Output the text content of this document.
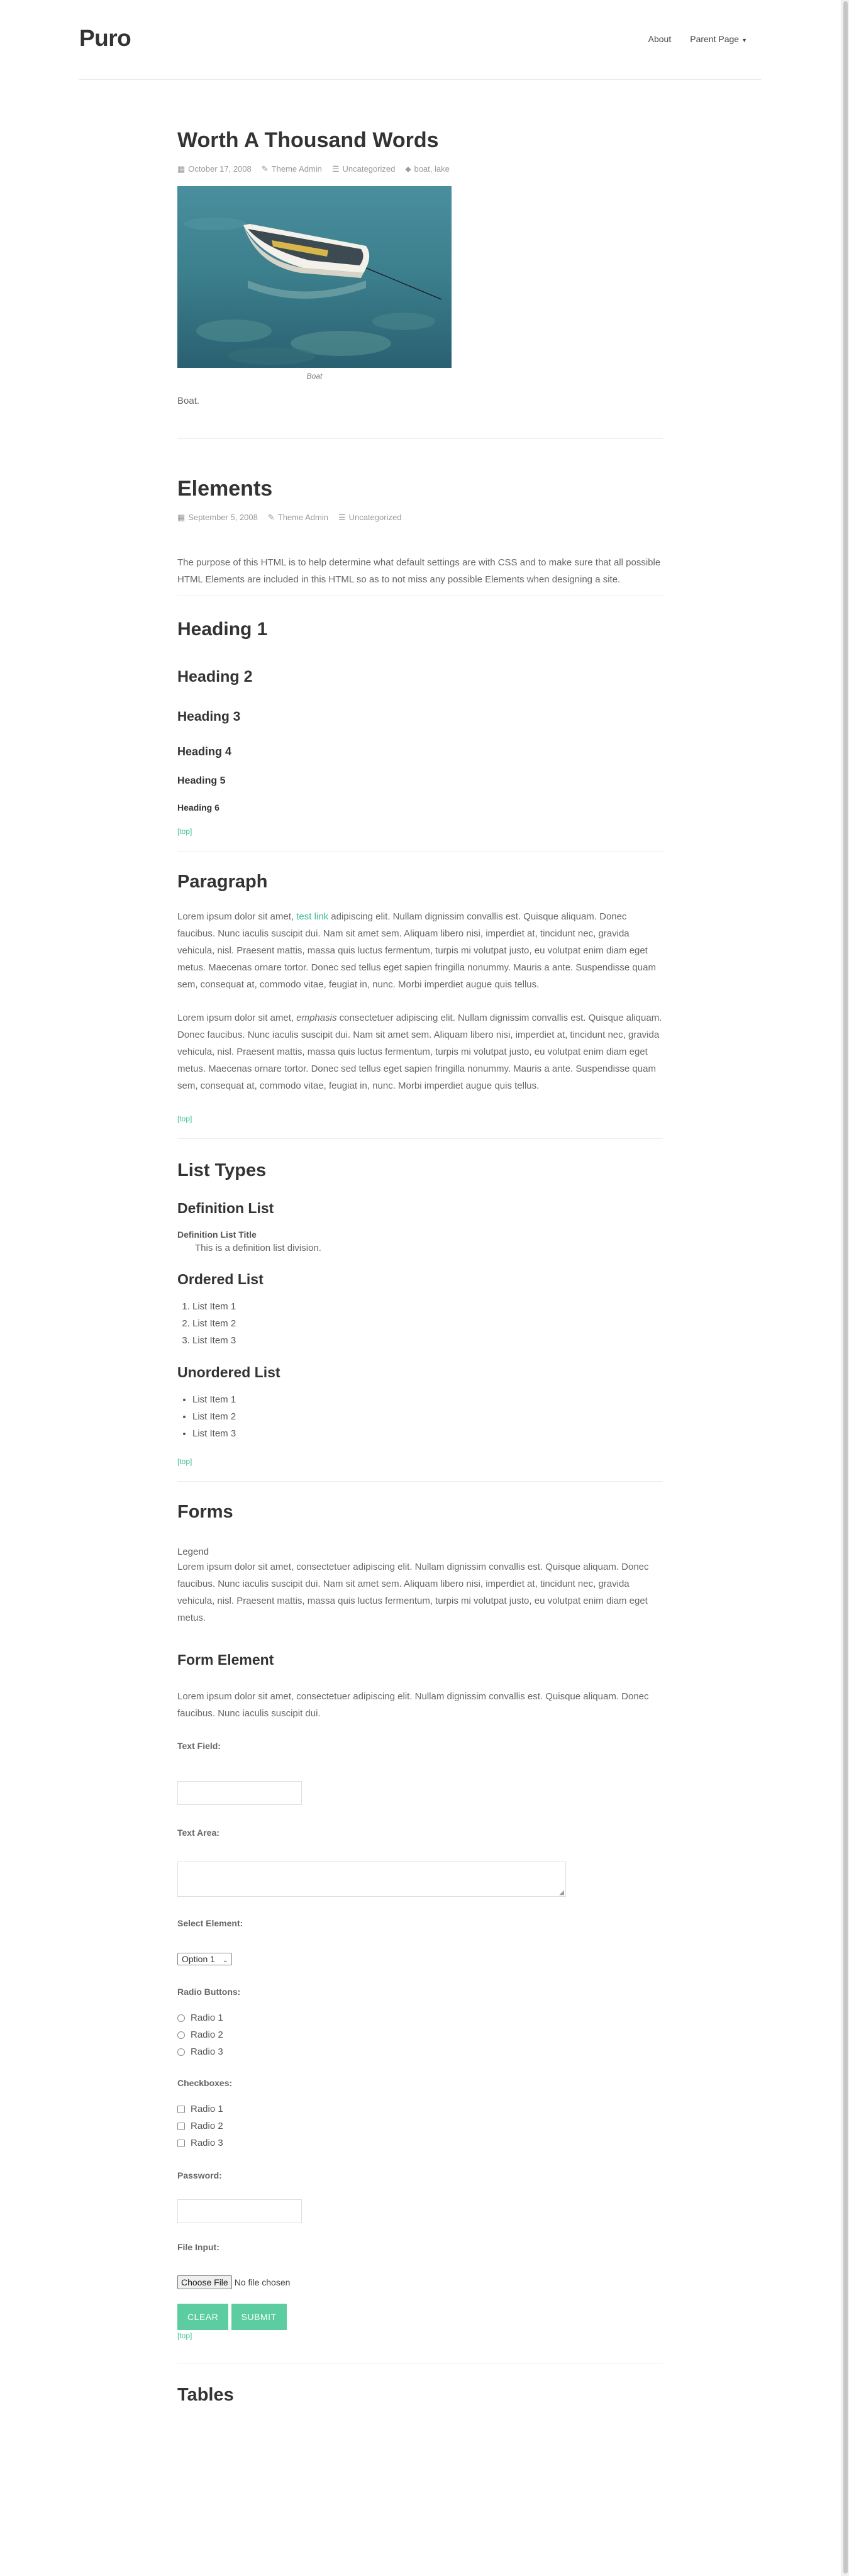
Puro	About Parent Page ▼
Worth A Thousand Words
▦ October 17, 2008 ✎ Theme Admin ☰ Uncategorized ⬥ boat, lake
Boat

Boat.

Elements
▦ September 5, 2008 ✎ Theme Admin ☰ Uncategorized

The purpose of this HTML is to help determine what default settings are with CSS and to make sure that all possible HTML Elements are included in this HTML so as to not miss any possible Elements when designing a site.

Heading 1
Heading 2
Heading 3
Heading 4
Heading 5
Heading 6
[top]
Paragraph

Lorem ipsum dolor sit amet, test link adipiscing elit. Nullam dignissim convallis est. Quisque aliquam. Donec faucibus. Nunc iaculis suscipit dui. Nam sit amet sem. Aliquam libero nisi, imperdiet at, tincidunt nec, gravida vehicula, nisl. Praesent mattis, massa quis luctus fermentum, turpis mi volutpat justo, eu volutpat enim diam eget metus. Maecenas ornare tortor. Donec sed tellus eget sapien fringilla nonummy. Mauris a ante. Suspendisse quam sem, consequat at, commodo vitae, feugiat in, nunc. Morbi imperdiet augue quis tellus.

Lorem ipsum dolor sit amet, emphasis consectetuer adipiscing elit. Nullam dignissim convallis est. Quisque aliquam. Donec faucibus. Nunc iaculis suscipit dui. Nam sit amet sem. Aliquam libero nisi, imperdiet at, tincidunt nec, gravida vehicula, nisl. Praesent mattis, massa quis luctus fermentum, turpis mi volutpat justo, eu volutpat enim diam eget metus. Maecenas ornare tortor. Donec sed tellus eget sapien fringilla nonummy. Mauris a ante. Suspendisse quam sem, consequat at, commodo vitae, feugiat in, nunc. Morbi imperdiet augue quis tellus.

[top]
List Types
Definition List
Definition List Title
This is a definition list division.
Ordered List
1. List Item 1
2. List Item 2
3. List Item 3
Unordered List
• List Item 1
• List Item 2
• List Item 3
[top]
Forms
Legend

Lorem ipsum dolor sit amet, consectetuer adipiscing elit. Nullam dignissim convallis est. Quisque aliquam. Donec faucibus. Nunc iaculis suscipit dui. Nam sit amet sem. Aliquam libero nisi, imperdiet at, tincidunt nec, gravida vehicula, nisl. Praesent mattis, massa quis luctus fermentum, turpis mi volutpat justo, eu volutpat enim diam eget metus.

Form Element

Lorem ipsum dolor sit amet, consectetuer adipiscing elit. Nullam dignissim convallis est. Quisque aliquam. Donec faucibus. Nunc iaculis suscipit dui.

Text Field:
Text Area:
◢
Select Element:
Option 1 ⌄
Radio Buttons:
Radio 1
Radio 2
Radio 3
Checkboxes:
Radio 1
Radio 2
Radio 3
Password:
File Input:
Choose File No file chosen
CLEAR	SUBMIT
[top]
Tables
